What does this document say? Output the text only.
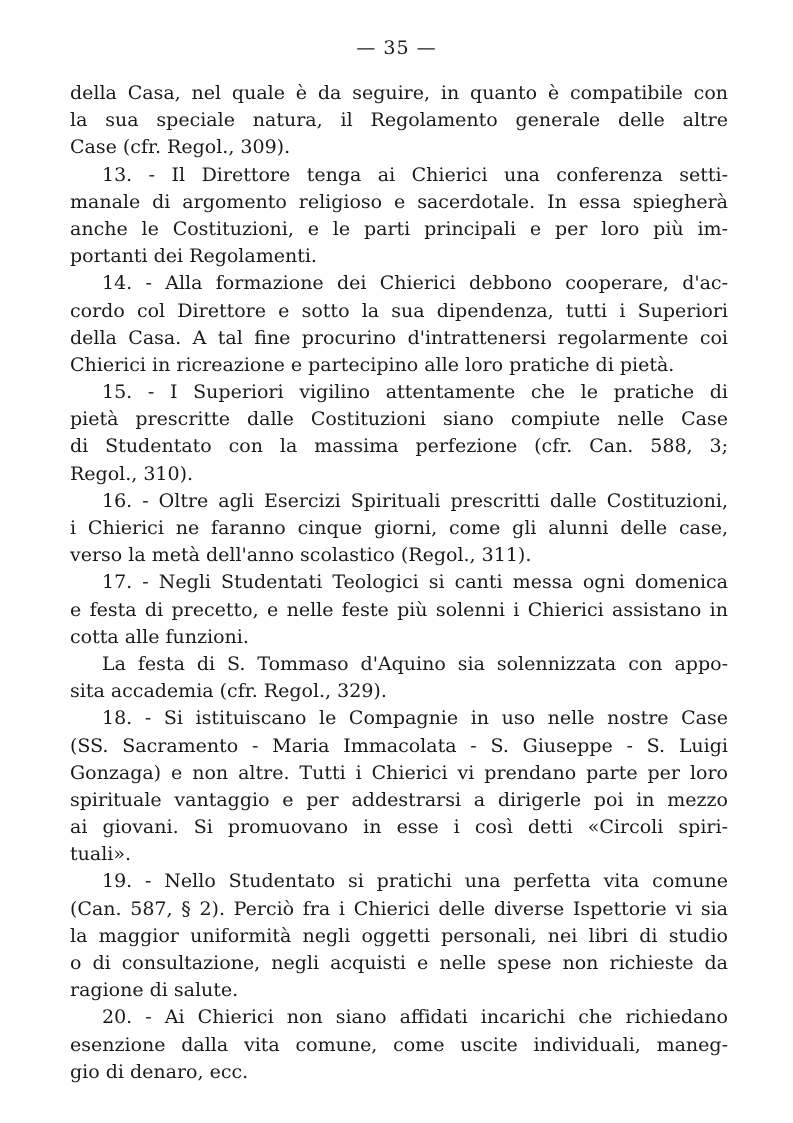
— 35 —
della Casa, nel quale è da seguire, in quanto è compatibile con
la sua speciale natura, il Regolamento generale delle altre
Case (cfr. Regol., 309).
13. - Il Direttore tenga ai Chierici una conferenza setti-
manale di argomento religioso e sacerdotale. In essa spiegherà
anche le Costituzioni, e le parti principali e per loro più im-
portanti dei Regolamenti.
14. - Alla formazione dei Chierici debbono cooperare, d'ac-
cordo col Direttore e sotto la sua dipendenza, tutti i Superiori
della Casa. A tal fine procurino d'intrattenersi regolarmente coi
Chierici in ricreazione e partecipino alle loro pratiche di pietà.
15. - I Superiori vigilino attentamente che le pratiche di
pietà prescritte dalle Costituzioni siano compiute nelle Case
di Studentato con la massima perfezione (cfr. Can. 588, 3;
Regol., 310).
16. - Oltre agli Esercizi Spirituali prescritti dalle Costituzioni,
i Chierici ne faranno cinque giorni, come gli alunni delle case,
verso la metà dell'anno scolastico (Regol., 311).
17. - Negli Studentati Teologici si canti messa ogni domenica
e festa di precetto, e nelle feste più solenni i Chierici assistano in
cotta alle funzioni.
La festa di S. Tommaso d'Aquino sia solennizzata con appo-
sita accademia (cfr. Regol., 329).
18. - Si istituiscano le Compagnie in uso nelle nostre Case
(SS. Sacramento - Maria Immacolata - S. Giuseppe - S. Luigi
Gonzaga) e non altre. Tutti i Chierici vi prendano parte per loro
spirituale vantaggio e per addestrarsi a dirigerle poi in mezzo
ai giovani. Si promuovano in esse i così detti «Circoli spiri-
tuali».
19. - Nello Studentato si pratichi una perfetta vita comune
(Can. 587, § 2). Perciò fra i Chierici delle diverse Ispettorie vi sia
la maggior uniformità negli oggetti personali, nei libri di studio
o di consultazione, negli acquisti e nelle spese non richieste da
ragione di salute.
20. - Ai Chierici non siano affidati incarichi che richiedano
esenzione dalla vita comune, come uscite individuali, maneg-
gio di denaro, ecc.
